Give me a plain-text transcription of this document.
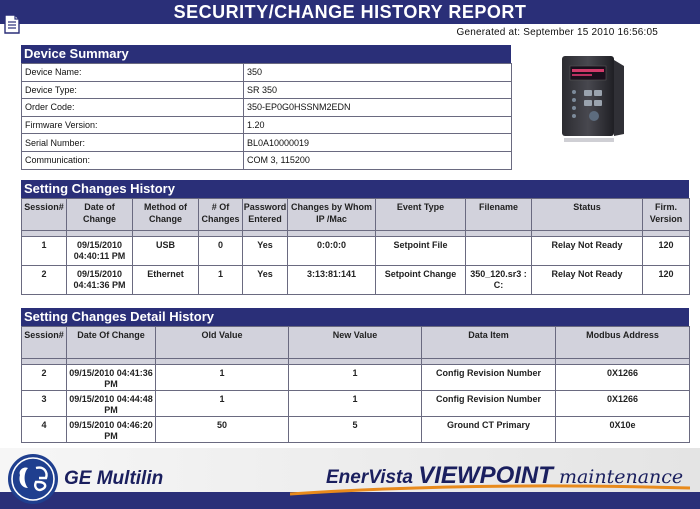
SECURITY/CHANGE HISTORY REPORT
Generated at: September 15 2010 16:56:05
Device Summary
Device Name:	350
Device Type:	SR 350
Order Code:	350-EP0G0HSSNM2EDN
Firmware Version:	1.20
Serial Number:	BL0A10000019
Communication:	COM 3, 115200
Setting Changes History
Session#	Date of Change	Method of Change	# Of Changes	Password Entered	Changes by Whom IP /Mac	Event Type	Filename	Status	Firm. Version

1	09/15/2010 04:40:11 PM	USB	0	Yes	0:0:0:0	Setpoint File		Relay Not Ready	120
2	09/15/2010 04:41:36 PM	Ethernet	1	Yes	3:13:81:141	Setpoint Change	350_120.sr3 : C:	Relay Not Ready	120
Setting Changes Detail History
Session#	Date Of Change	Old Value	New Value	Data Item	Modbus Address

2	09/15/2010 04:41:36 PM	1	1	Config Revision Number	0X1266
3	09/15/2010 04:44:48 PM	1	1	Config Revision Number	0X1266
4	09/15/2010 04:46:20 PM	50	5	Ground CT Primary	0X10e
GE Multilin	EnerVista VIEWPOINT maintenance
